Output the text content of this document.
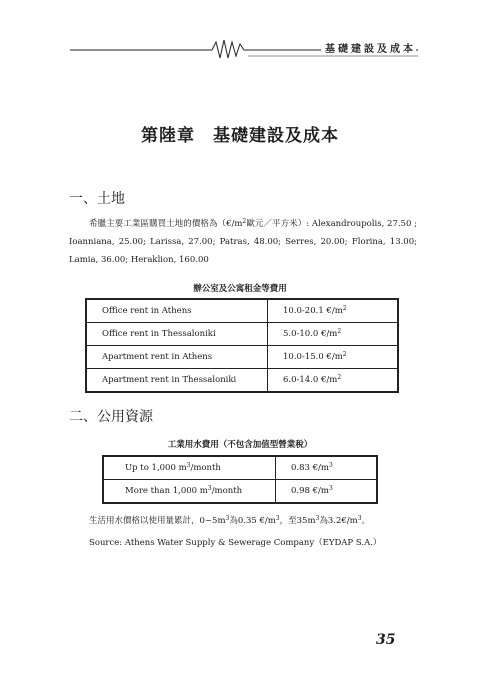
基礎建設及成本
第陸章　基礎建設及成本
一、土地
希臘主要工業區購買土地的價格為（$€/m^2$歐元／平方米）: Alexandroupolis, 27.50 ; Ioanniana, 25.00; Larissa, 27.00; Patras, 48.00; Serres, 20.00; Florina, 13.00; Lamia, 36.00; Heraklion, 160.00
辦公室及公寓租金等費用
Office rent in Athens	10.0-20.1 $€/m^2$
Office rent in Thessaloniki	5.0-10.0 $€/m^2$
Apartment rent in Athens	10.0-15.0 $€/m^2$
Apartment rent in Thessaloniki	6.0-14.0 $€/m^2$
二、公用資源
工業用水費用（不包含加值型營業稅）
Up to 1,000 $m^3$/month	0.83 $€/m^3$
More than 1,000 $m^3$/month	0.98 $€/m^3$
生活用水價格以使用量累計，$0\sim 5m^3$為0.35 $€/m^3$，至$35m^3$為$3.2€/m^3$。
Source: Athens Water Supply & Sewerage Company（EYDAP S.A.）
35
